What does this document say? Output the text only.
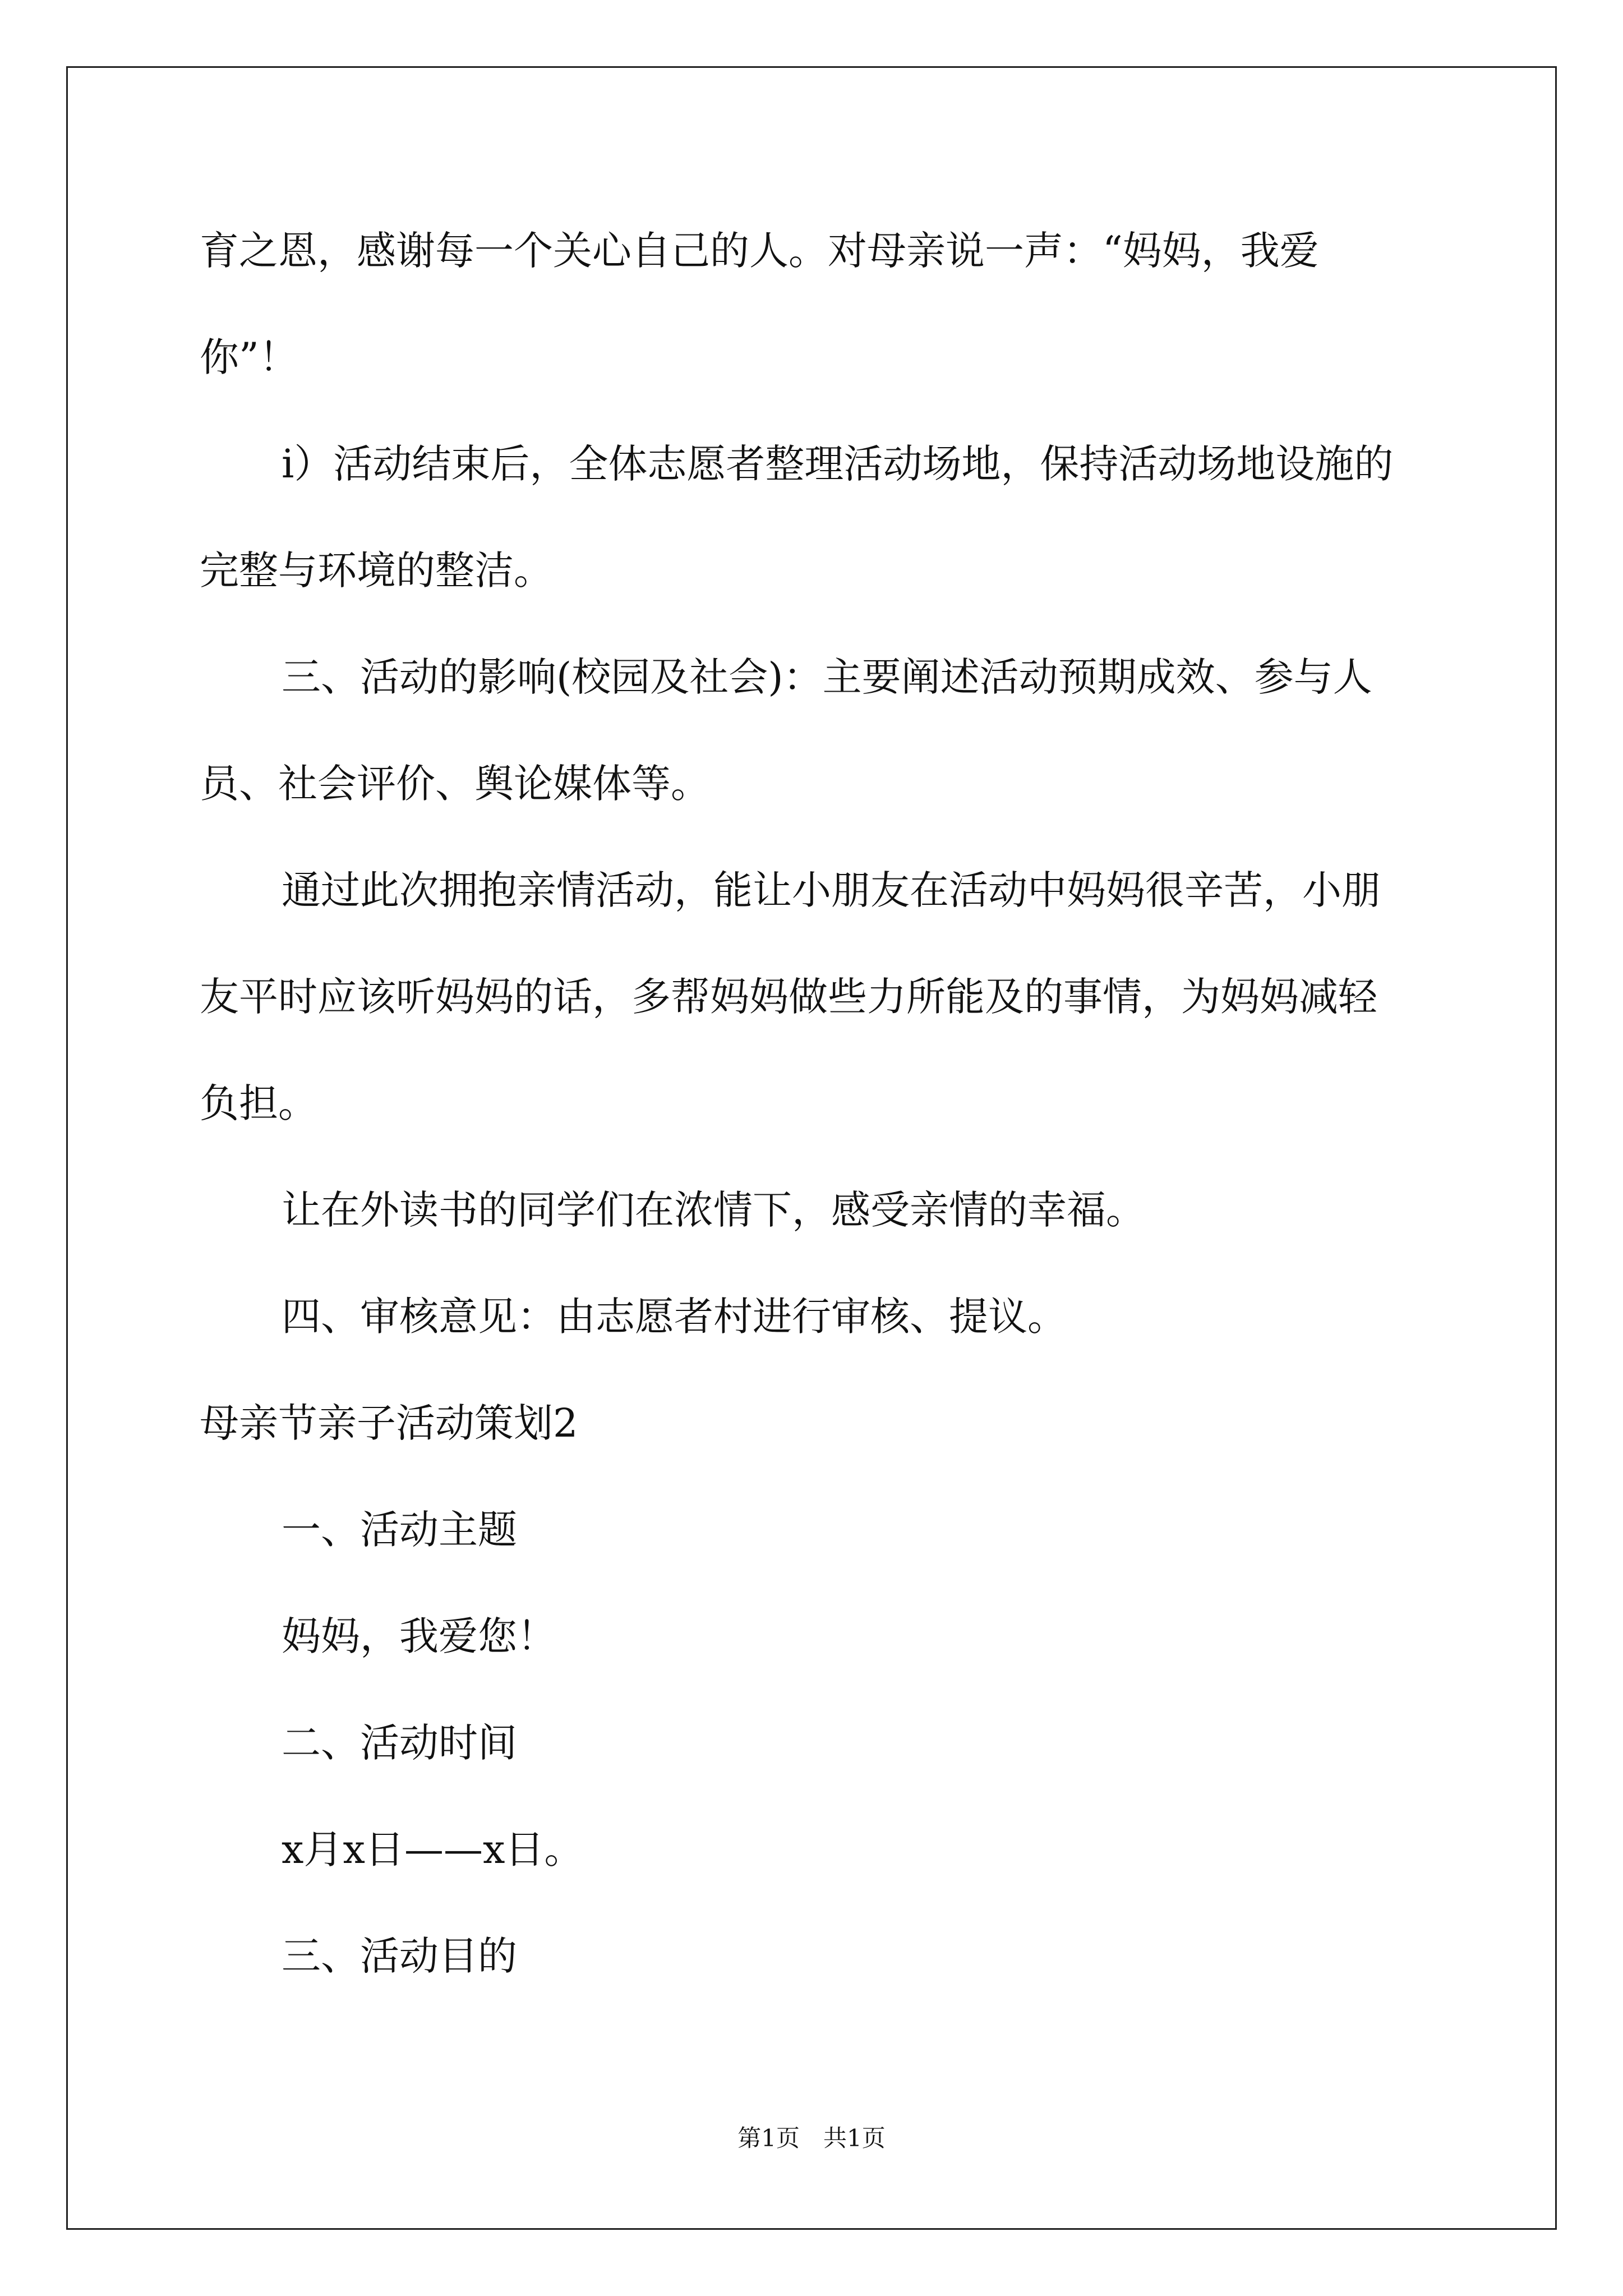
育之恩，感谢每一个关心自己的人。对母亲说一声：“妈妈，我爱
你”！
i）活动结束后，全体志愿者整理活动场地，保持活动场地设施的
完整与环境的整洁。
三、活动的影响(校园及社会)：主要阐述活动预期成效、参与人
员、社会评价、舆论媒体等。
通过此次拥抱亲情活动，能让小朋友在活动中妈妈很辛苦，小朋
友平时应该听妈妈的话，多帮妈妈做些力所能及的事情，为妈妈减轻
负担。
让在外读书的同学们在浓情下，感受亲情的幸福。
四、审核意见：由志愿者村进行审核、提议。
母亲节亲子活动策划2
一、活动主题
妈妈，我爱您！
二、活动时间
x月x日——x日。
三、活动目的
第1页　共1页
